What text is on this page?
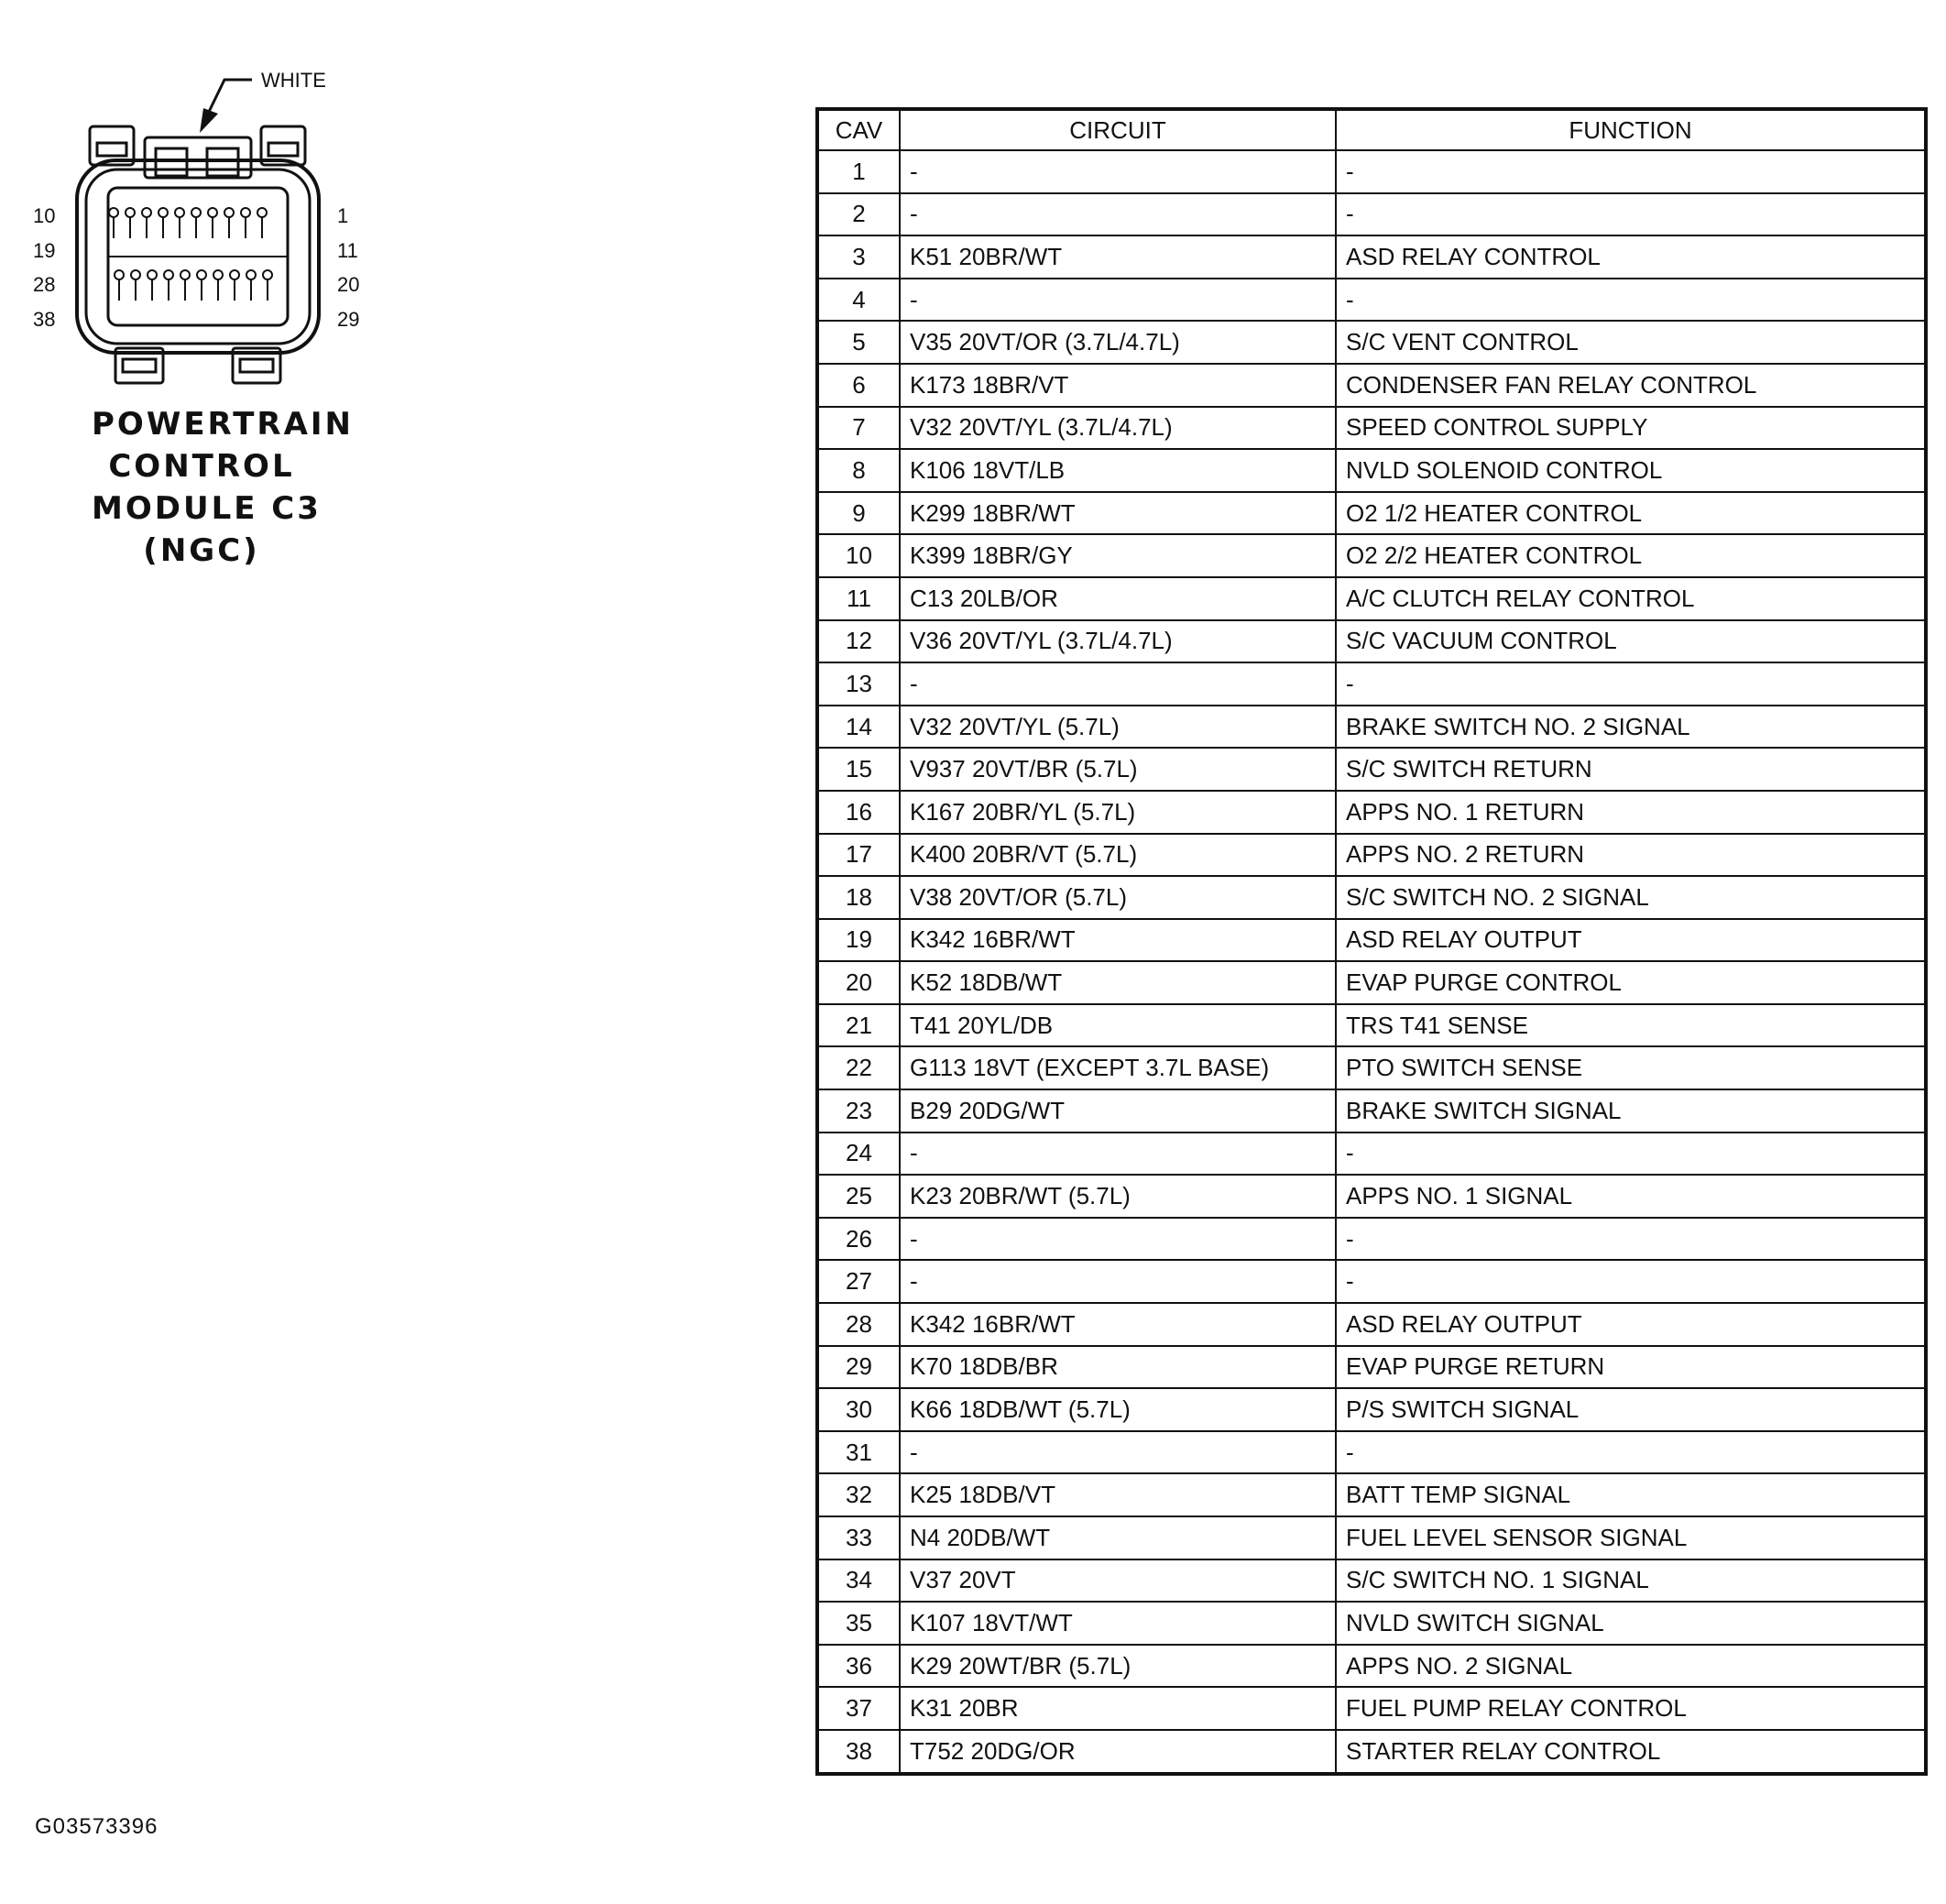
WHITE
10
19
28
38
1
11
20
29
POWERTRAIN
CONTROL
MODULE C3
(NGC)
G03573396
CAV	CIRCUIT	FUNCTION
1	-	-
2	-	-
3	K51 20BR/WT	ASD RELAY CONTROL
4	-	-
5	V35 20VT/OR (3.7L/4.7L)	S/C VENT CONTROL
6	K173 18BR/VT	CONDENSER FAN RELAY CONTROL
7	V32 20VT/YL (3.7L/4.7L)	SPEED CONTROL SUPPLY
8	K106 18VT/LB	NVLD SOLENOID CONTROL
9	K299 18BR/WT	O2 1/2 HEATER CONTROL
10	K399 18BR/GY	O2 2/2 HEATER CONTROL
11	C13 20LB/OR	A/C CLUTCH RELAY CONTROL
12	V36 20VT/YL (3.7L/4.7L)	S/C VACUUM CONTROL
13	-	-
14	V32 20VT/YL (5.7L)	BRAKE SWITCH NO. 2 SIGNAL
15	V937 20VT/BR (5.7L)	S/C SWITCH RETURN
16	K167 20BR/YL (5.7L)	APPS NO. 1 RETURN
17	K400 20BR/VT (5.7L)	APPS NO. 2 RETURN
18	V38 20VT/OR (5.7L)	S/C SWITCH NO. 2 SIGNAL
19	K342 16BR/WT	ASD RELAY OUTPUT
20	K52 18DB/WT	EVAP PURGE CONTROL
21	T41 20YL/DB	TRS T41 SENSE
22	G113 18VT (EXCEPT 3.7L BASE)	PTO SWITCH SENSE
23	B29 20DG/WT	BRAKE SWITCH SIGNAL
24	-	-
25	K23 20BR/WT (5.7L)	APPS NO. 1 SIGNAL
26	-	-
27	-	-
28	K342 16BR/WT	ASD RELAY OUTPUT
29	K70 18DB/BR	EVAP PURGE RETURN
30	K66 18DB/WT (5.7L)	P/S SWITCH SIGNAL
31	-	-
32	K25 18DB/VT	BATT TEMP SIGNAL
33	N4 20DB/WT	FUEL LEVEL SENSOR SIGNAL
34	V37 20VT	S/C SWITCH NO. 1 SIGNAL
35	K107 18VT/WT	NVLD SWITCH SIGNAL
36	K29 20WT/BR (5.7L)	APPS NO. 2 SIGNAL
37	K31 20BR	FUEL PUMP RELAY CONTROL
38	T752 20DG/OR	STARTER RELAY CONTROL
